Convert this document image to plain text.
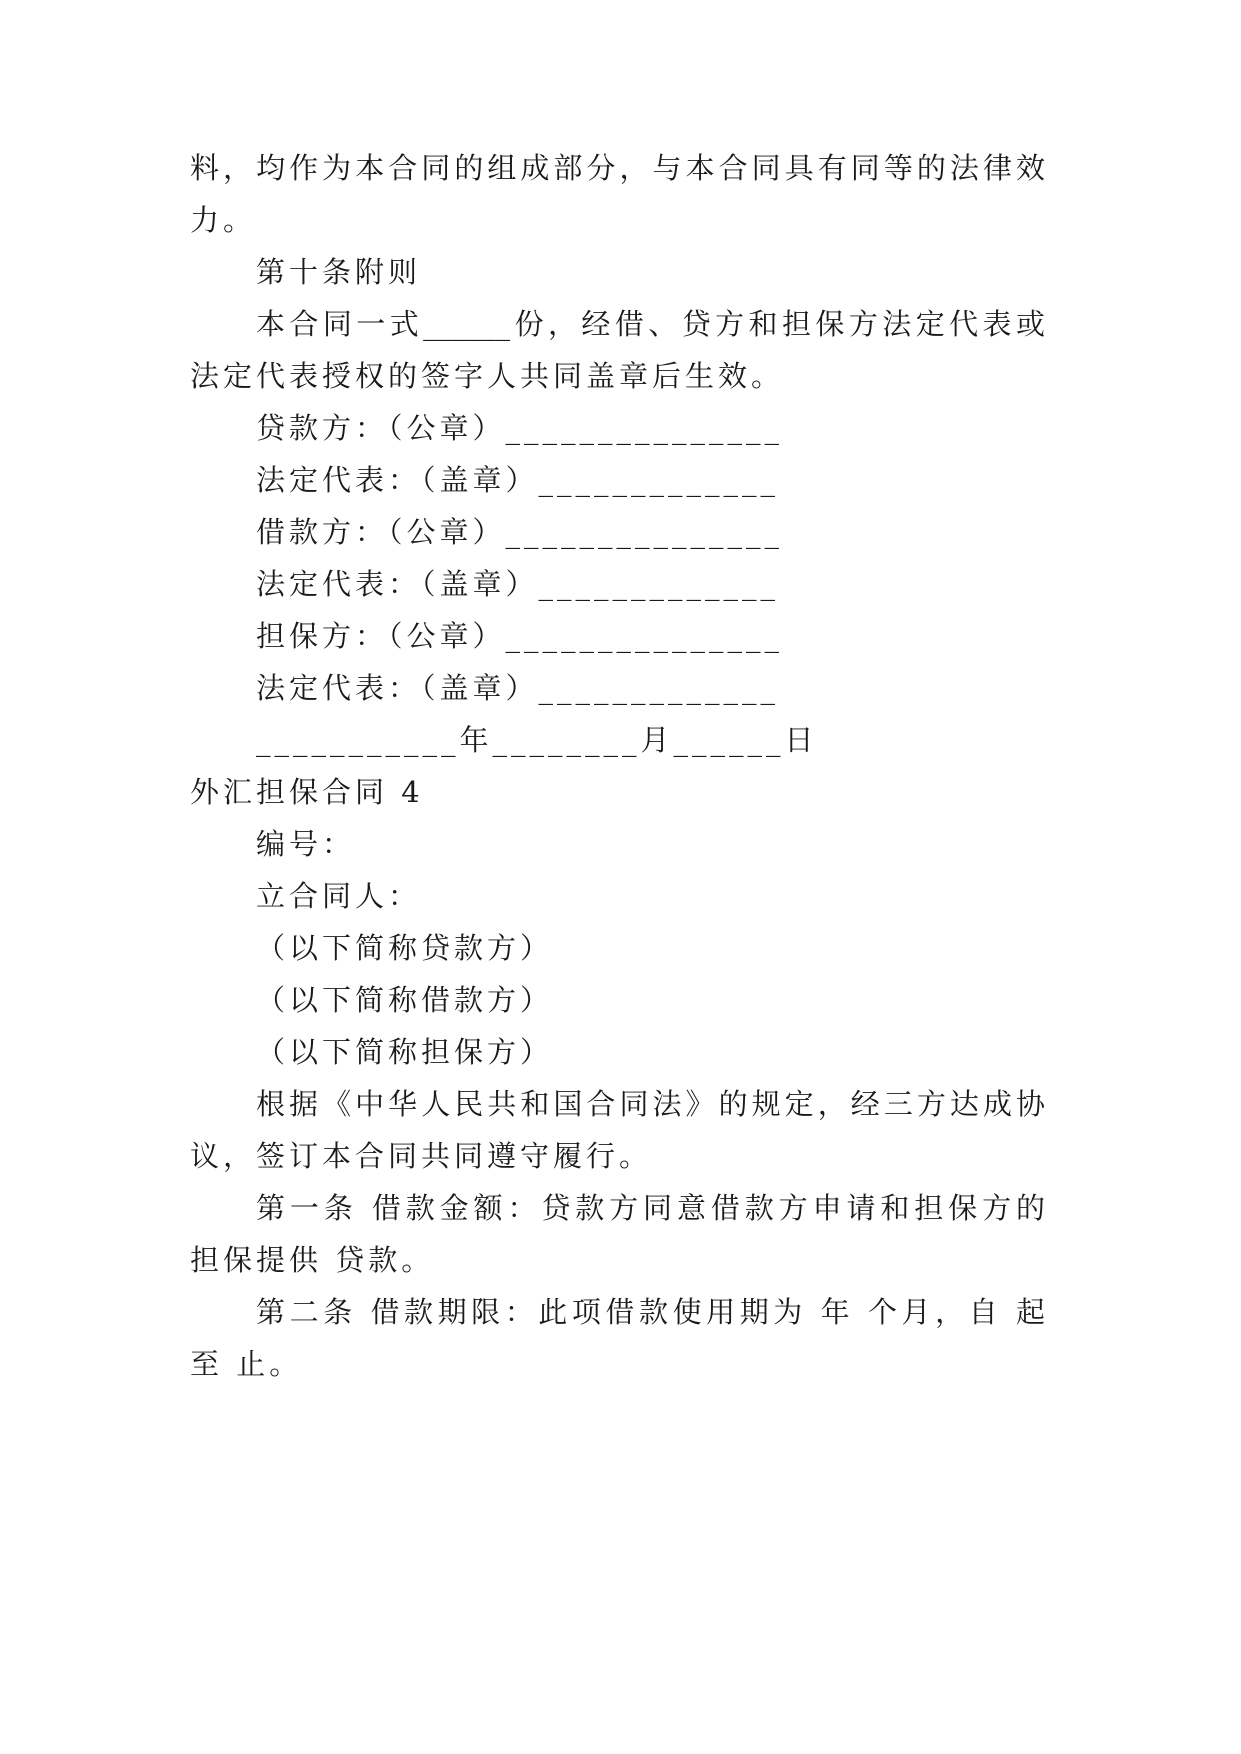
料，均作为本合同的组成部分，与本合同具有同等的法律效
力。
第十条附则
本合同一式______份，经借、贷方和担保方法定代表或
法定代表授权的签字人共同盖章后生效。
贷款方：（公章）_______________
法定代表：（盖章）_____________
借款方：（公章）_______________
法定代表：（盖章）_____________
担保方：（公章）_______________
法定代表：（盖章）_____________
___________年________月______日
外汇担保合同 4
编号：
立合同人：
（以下简称贷款方）
（以下简称借款方）
（以下简称担保方）
根据《中华人民共和国合同法》的规定，经三方达成协
议，签订本合同共同遵守履行。
第一条 借款金额：贷款方同意借款方申请和担保方的
担保提供 贷款。
第二条 借款期限：此项借款使用期为 年 个月，自 起
至 止。
